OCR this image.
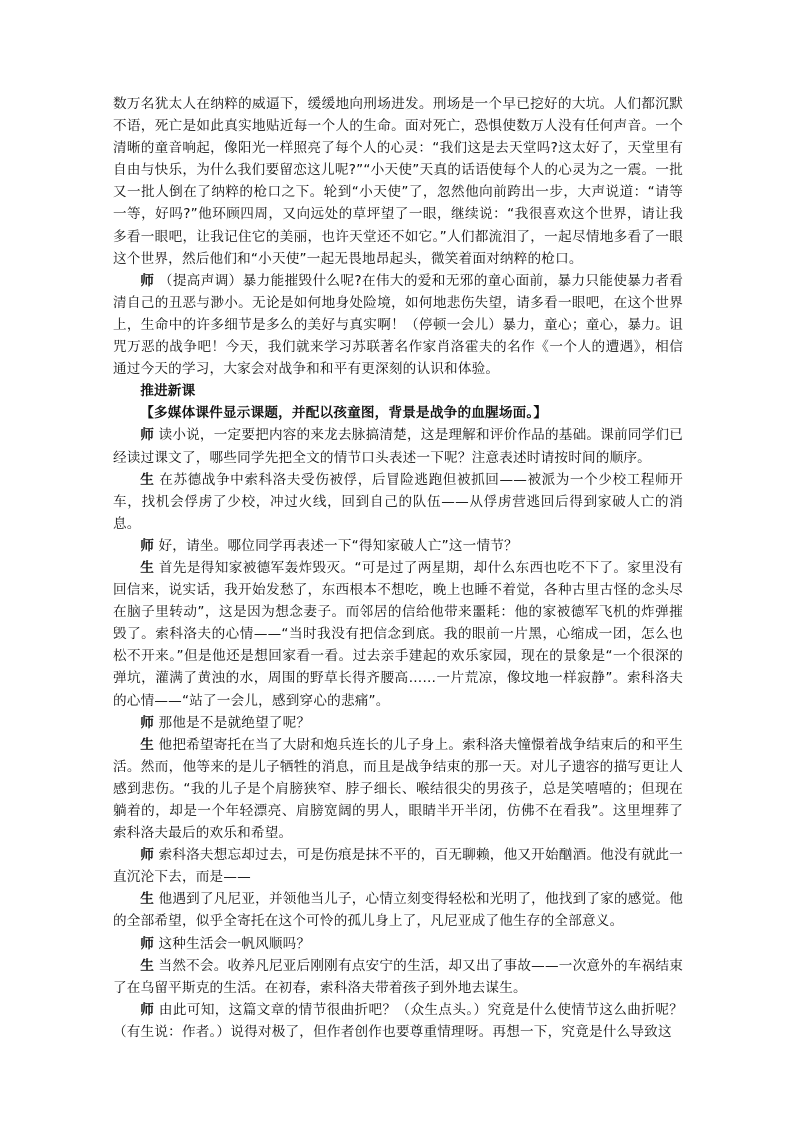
数万名犹太人在纳粹的威逼下，缓缓地向刑场进发。刑场是一个早已挖好的大坑。人们都沉默不语，死亡是如此真实地贴近每一个人的生命。面对死亡，恐惧使数万人没有任何声音。一个清晰的童音响起，像阳光一样照亮了每个人的心灵：“我们这是去天堂吗?这太好了，天堂里有自由与快乐，为什么我们要留恋这儿呢?”“小天使”天真的话语使每个人的心灵为之一震。一批又一批人倒在了纳粹的枪口之下。轮到“小天使”了，忽然他向前跨出一步，大声说道：“请等一等，好吗?”他环顾四周，又向远处的草坪望了一眼，继续说：“我很喜欢这个世界，请让我多看一眼吧，让我记住它的美丽，也许天堂还不如它。”人们都流泪了，一起尽情地多看了一眼这个世界，然后他们和“小天使”一起无畏地昂起头，微笑着面对纳粹的枪口。

师 （提高声调）暴力能摧毁什么呢?在伟大的爱和无邪的童心面前，暴力只能使暴力者看清自己的丑恶与渺小。无论是如何地身处险境，如何地悲伤失望，请多看一眼吧，在这个世界上，生命中的许多细节是多么的美好与真实啊！（停顿一会儿）暴力，童心；童心，暴力。诅咒万恶的战争吧！今天，我们就来学习苏联著名作家肖洛霍夫的名作《一个人的遭遇》，相信通过今天的学习，大家会对战争和和平有更深刻的认识和体验。

推进新课

【多媒体课件显示课题，并配以孩童图，背景是战争的血腥场面。】

师 读小说，一定要把内容的来龙去脉搞清楚，这是理解和评价作品的基础。课前同学们已经读过课文了，哪些同学先把全文的情节口头表述一下呢？注意表述时请按时间的顺序。

生 在苏德战争中索科洛夫受伤被俘，后冒险逃跑但被抓回——被派为一个少校工程师开车，找机会俘虏了少校，冲过火线，回到自己的队伍——从俘虏营逃回后得到家破人亡的消息。

师 好，请坐。哪位同学再表述一下“得知家破人亡”这一情节？

生 首先是得知家被德军轰炸毁灭。“可是过了两星期，却什么东西也吃不下了。家里没有回信来，说实话，我开始发愁了，东西根本不想吃，晚上也睡不着觉，各种古里古怪的念头尽在脑子里转动”，这是因为想念妻子。而邻居的信给他带来噩耗：他的家被德军飞机的炸弹摧毁了。索科洛夫的心情——“当时我没有把信念到底。我的眼前一片黑，心缩成一团，怎么也松不开来。”但是他还是想回家看一看。过去亲手建起的欢乐家园，现在的景象是“一个很深的弹坑，灌满了黄浊的水，周围的野草长得齐腰高……一片荒凉，像坟地一样寂静”。索科洛夫的心情——“站了一会儿，感到穿心的悲痛”。

师 那他是不是就绝望了呢？

生 他把希望寄托在当了大尉和炮兵连长的儿子身上。索科洛夫憧憬着战争结束后的和平生活。然而，他等来的是儿子牺牲的消息，而且是战争结束的那一天。对儿子遗容的描写更让人感到悲伤。“我的儿子是个肩膀狭窄、脖子细长、喉结很尖的男孩子，总是笑嘻嘻的；但现在躺着的，却是一个年轻漂亮、肩膀宽阔的男人，眼睛半开半闭，仿佛不在看我”。这里埋葬了索科洛夫最后的欢乐和希望。

师 索科洛夫想忘却过去，可是伤痕是抹不平的，百无聊赖，他又开始酗酒。他没有就此一直沉沦下去，而是——

生 他遇到了凡尼亚，并领他当儿子，心情立刻变得轻松和光明了，他找到了家的感觉。他的全部希望，似乎全寄托在这个可怜的孤儿身上了，凡尼亚成了他生存的全部意义。

师 这种生活会一帆风顺吗？

生 当然不会。收养凡尼亚后刚刚有点安宁的生活，却又出了事故——一次意外的车祸结束了在乌留平斯克的生活。在初春，索科洛夫带着孩子到外地去谋生。

师 由此可知，这篇文章的情节很曲折吧？（众生点头。）究竟是什么使情节这么曲折呢？（有生说：作者。）说得对极了，但作者创作也要尊重情理呀。再想一下，究竟是什么导致这
